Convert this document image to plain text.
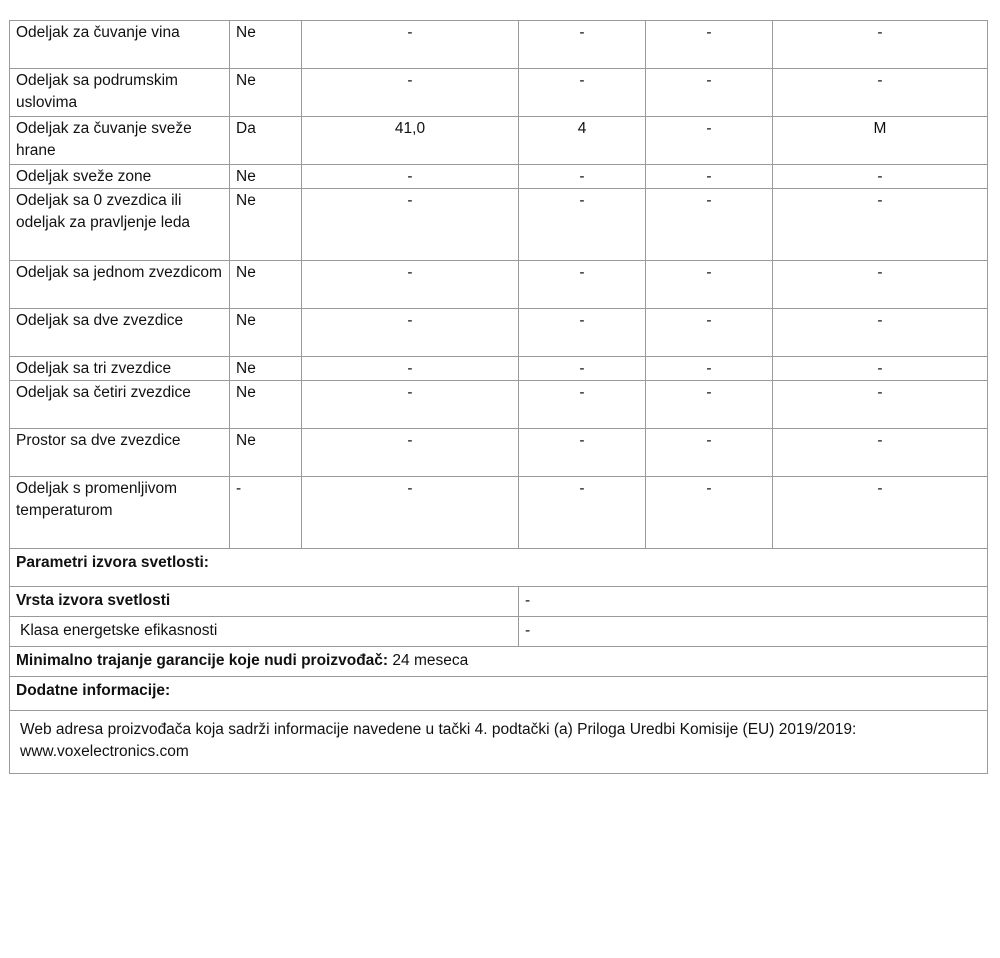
Odeljak za čuvanje vina	Ne	-	-	-	-
Odeljak sa podrumskim uslovima	Ne	-	-	-	-
Odeljak za čuvanje sveže hrane	Da	41,0	4	-	M
Odeljak sveže zone	Ne	-	-	-	-
Odeljak sa 0 zvezdica ili odeljak za pravljenje leda	Ne	-	-	-	-
Odeljak sa jednom zvezdicom	Ne	-	-	-	-
Odeljak sa dve zvezdice	Ne	-	-	-	-
Odeljak sa tri zvezdice	Ne	-	-	-	-
Odeljak sa četiri zvezdice	Ne	-	-	-	-
Prostor sa dve zvezdice	Ne	-	-	-	-
Odeljak s promenljivom temperaturom	-	-	-	-	-
Parametri izvora svetlosti:	
Vrsta izvora svetlosti	-
Klasa energetske efikasnosti	-
Minimalno trajanje garancije koje nudi proizvođač: 24 meseca	
Dodatne informacije:	
Web adresa proizvođača koja sadrži informacije navedene u tački 4. podtački (a) Priloga Uredbi Komisije (EU) 2019/2019: www.voxelectronics.com	
